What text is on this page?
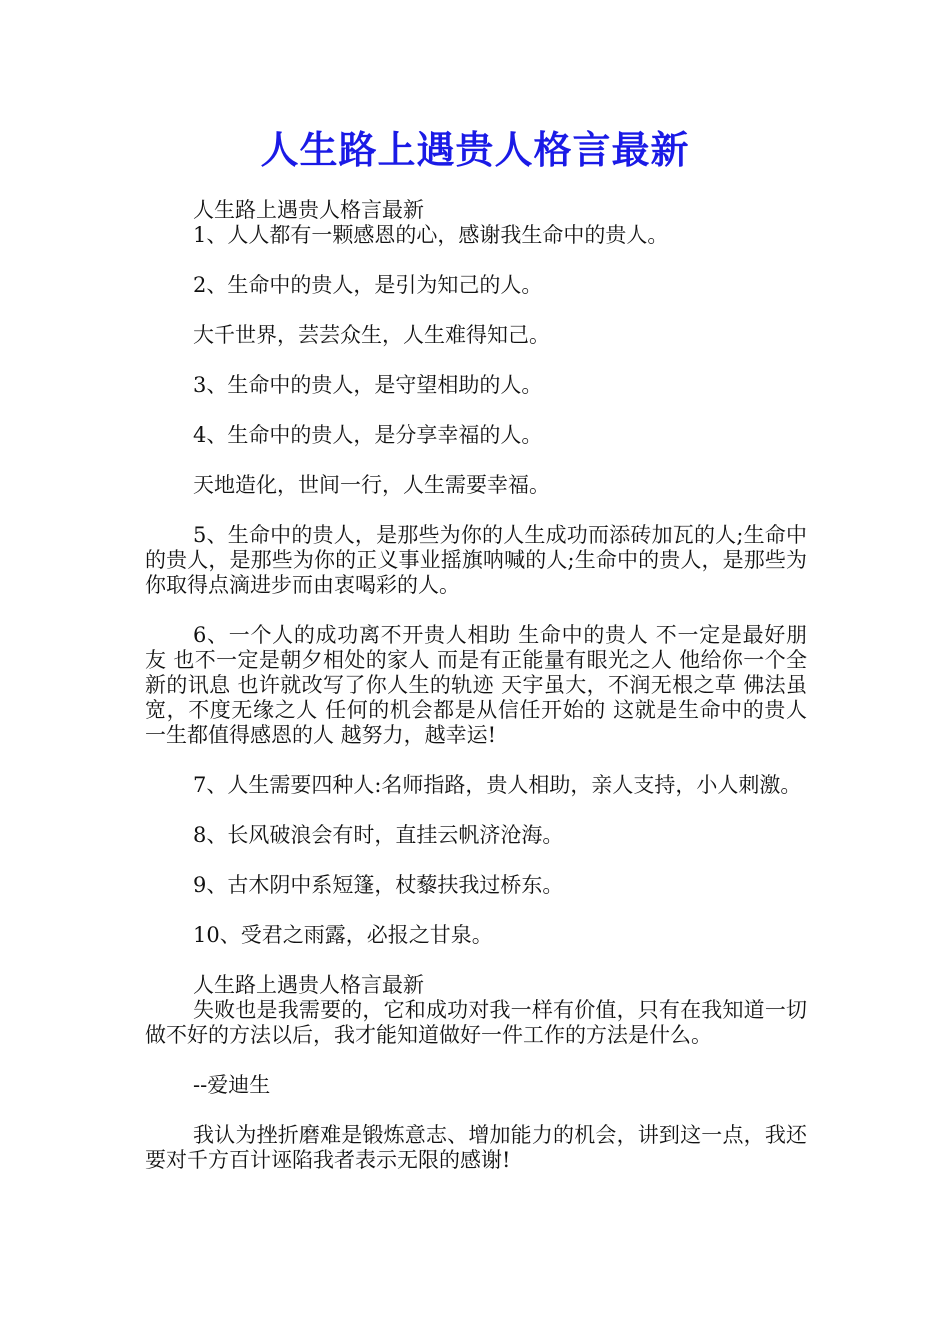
人生路上遇贵人格言最新

人生路上遇贵人格言最新

1、人人都有一颗感恩的心，感谢我生命中的贵人。

2、生命中的贵人，是引为知己的人。

大千世界，芸芸众生，人生难得知己。

3、生命中的贵人，是守望相助的人。

4、生命中的贵人，是分享幸福的人。

天地造化，世间一行，人生需要幸福。

5、生命中的贵人，是那些为你的人生成功而添砖加瓦的人;生命中的贵人，是那些为你的正义事业摇旗呐喊的人;生命中的贵人，是那些为你取得点滴进步而由衷喝彩的人。

6、一个人的成功离不开贵人相助 生命中的贵人 不一定是最好朋友 也不一定是朝夕相处的家人 而是有正能量有眼光之人 他给你一个全新的讯息 也许就改写了你人生的轨迹 天宇虽大，不润无根之草 佛法虽宽，不度无缘之人 任何的机会都是从信任开始的 这就是生命中的贵人 一生都值得感恩的人 越努力，越幸运!

7、人生需要四种人:名师指路，贵人相助，亲人支持，小人刺激。

8、长风破浪会有时，直挂云帆济沧海。

9、古木阴中系短篷，杖藜扶我过桥东。

10、受君之雨露，必报之甘泉。

人生路上遇贵人格言最新

失败也是我需要的，它和成功对我一样有价值，只有在我知道一切做不好的方法以后，我才能知道做好一件工作的方法是什么。

--爱迪生

我认为挫折磨难是锻炼意志、增加能力的机会，讲到这一点，我还要对千方百计诬陷我者表示无限的感谢!
